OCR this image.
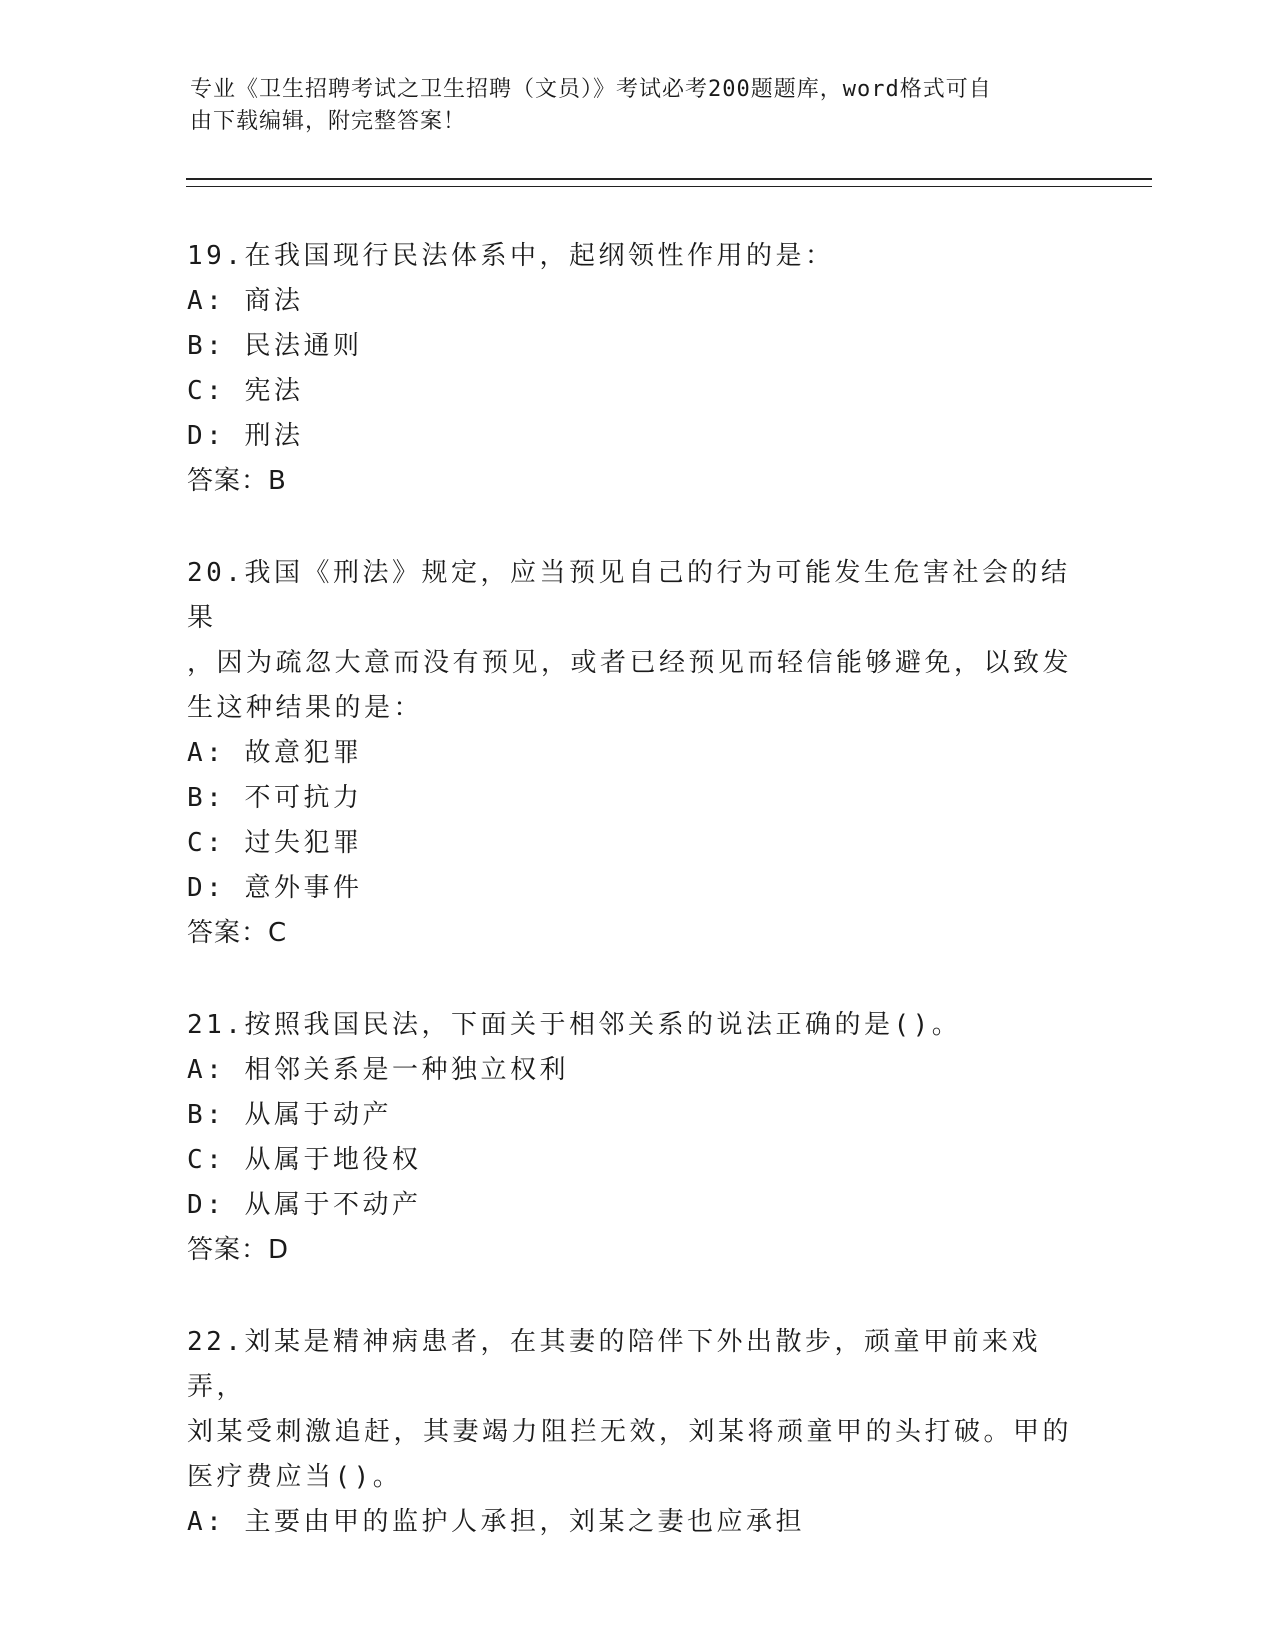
专业《卫生招聘考试之卫生招聘（文员）》考试必考200题题库，word格式可自
由下载编辑，附完整答案！
19.在我国现行民法体系中，起纲领性作用的是：
A: 商法
B: 民法通则
C: 宪法
D: 刑法
答案：B
20.我国《刑法》规定，应当预见自己的行为可能发生危害社会的结果
，因为疏忽大意而没有预见，或者已经预见而轻信能够避免，以致发
生这种结果的是：
A: 故意犯罪
B: 不可抗力
C: 过失犯罪
D: 意外事件
答案：C
21.按照我国民法，下面关于相邻关系的说法正确的是()。
A: 相邻关系是一种独立权利
B: 从属于动产
C: 从属于地役权
D: 从属于不动产
答案：D
22.刘某是精神病患者，在其妻的陪伴下外出散步，顽童甲前来戏弄，
刘某受刺激追赶，其妻竭力阻拦无效，刘某将顽童甲的头打破。甲的
医疗费应当()。
A: 主要由甲的监护人承担，刘某之妻也应承担
